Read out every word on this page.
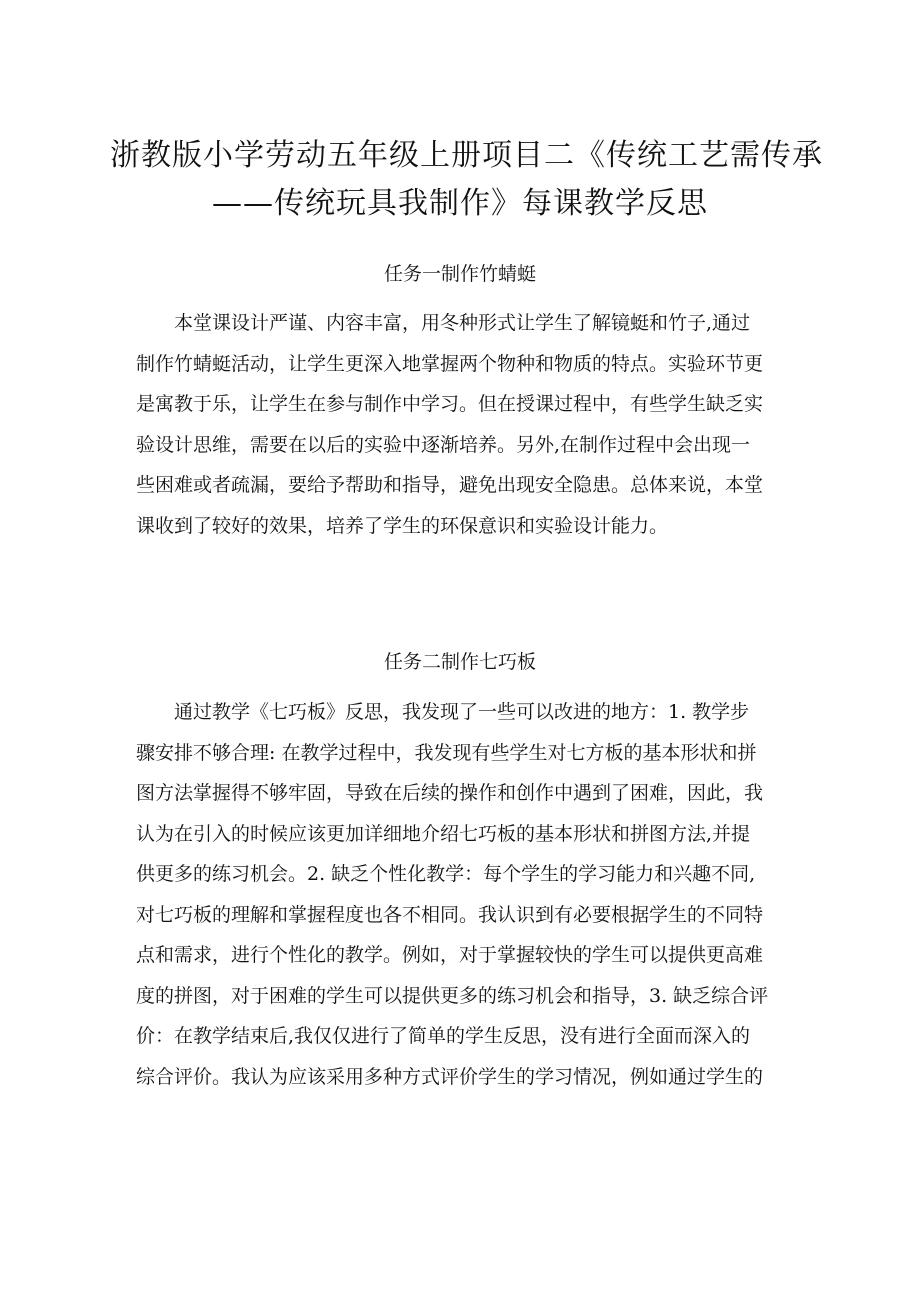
浙教版小学劳动五年级上册项目二《传统工艺需传承
——传统玩具我制作》每课教学反思
任务一制作竹蜻蜓
本堂课设计严谨、内容丰富，用冬种形式让学生了解镜蜓和竹子,通过
制作竹蜻蜓活动，让学生更深入地掌握两个物种和物质的特点。实验环节更
是寓教于乐，让学生在参与制作中学习。但在授课过程中，有些学生缺乏实
验设计思维，需要在以后的实验中逐渐培养。另外,在制作过程中会出现一
些困难或者疏漏，要给予帮助和指导，避免出现安全隐患。总体来说，本堂
课收到了较好的效果，培养了学生的环保意识和实验设计能力。
任务二制作七巧板
通过教学《七巧板》反思，我发现了一些可以改进的地方：1. 教学步
骤安排不够合理: 在教学过程中，我发现有些学生对七方板的基本形状和拼
图方法掌握得不够牢固，导致在后续的操作和创作中遇到了困难，因此，我
认为在引入的时候应该更加详细地介绍七巧板的基本形状和拼图方法,并提
供更多的练习机会。2. 缺乏个性化教学：每个学生的学习能力和兴趣不同,
对七巧板的理解和掌握程度也各不相同。我认识到有必要根据学生的不同特
点和需求，进行个性化的教学。例如，对于掌握较快的学生可以提供更高难
度的拼图，对于困难的学生可以提供更多的练习机会和指导，3. 缺乏综合评
价：在教学结束后,我仅仅进行了简单的学生反思，没有进行全面而深入的
综合评价。我认为应该采用多种方式评价学生的学习情况，例如通过学生的
